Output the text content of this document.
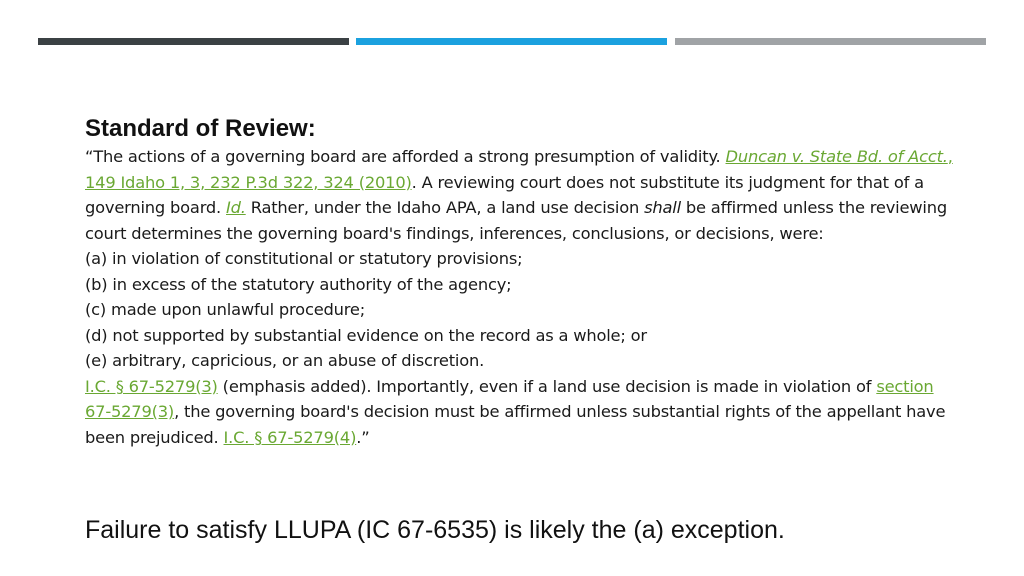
Standard of Review:

“The actions of a governing board are afforded a strong presumption of validity. Duncan v. State Bd. of Acct., 149 Idaho 1, 3, 232 P.3d 322, 324 (2010). A reviewing court does not substitute its judgment for that of a governing board. Id. Rather, under the Idaho APA, a land use decision shall be affirmed unless the reviewing court determines the governing board's findings, inferences, conclusions, or decisions, were:

(a) in violation of constitutional or statutory provisions;

(b) in excess of the statutory authority of the agency;

(c) made upon unlawful procedure;

(d) not supported by substantial evidence on the record as a whole; or

(e) arbitrary, capricious, or an abuse of discretion.

I.C. § 67-5279(3) (emphasis added). Importantly, even if a land use decision is made in violation of section 67-5279(3), the governing board's decision must be affirmed unless substantial rights of the appellant have been prejudiced. I.C. § 67-5279(4).”

Failure to satisfy LLUPA (IC 67-6535) is likely the (a) exception.
